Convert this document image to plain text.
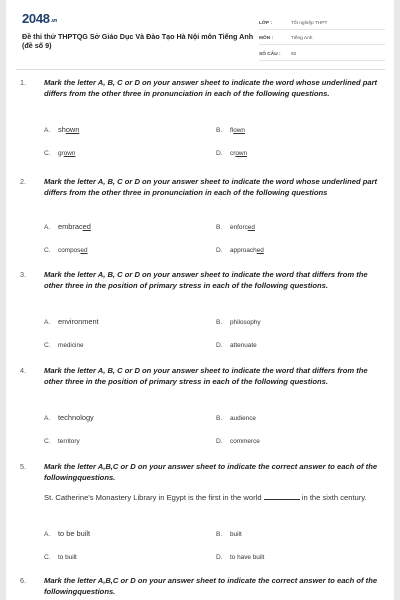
2048.vn
Đề thi thử THPTQG Sở Giáo Dục Và Đào Tạo Hà Nội môn Tiếng Anh (đề số 9)
LỚP :	Tốt nghiệp THPT
MÔN :	Tiếng Anh
SỐ CÂU :	50
1. Mark the letter A, B, C or D on your answer sheet to indicate the word whose underlined part differs from the other three in pronunciation in each of the following questions.
A. shown	B. flown
C. grown	D. crown
2. Mark the letter A, B, C or D on your answer sheet to indicate the word whose underlined part differs from the other three in pronunciation in each of the following questions
A. embraced	B. enforced
C. composed	D. approached
3. Mark the letter A, B, C or D on your answer sheet to indicate the word that differs from the other three in the position of primary stress in each of the following questions.
A. environment	B. philosophy
C. medicine	D. attenuate
4. Mark the letter A, B, C or D on your answer sheet to indicate the word that differs from the other three in the position of primary stress in each of the following questions.
A. technology	B. audience
C. territory	D. commerce
5. Mark the letter A,B,C or D on your answer sheet to indicate the correct answer to each of the followingquestions.
St. Catherine's Monastery Library in Egypt is the first in the world	in the sixth century.
A. to be built	B. built
C. to built	D. to have built
6. Mark the letter A,B,C or D on your answer sheet to indicate the correct answer to each of the followingquestions.
